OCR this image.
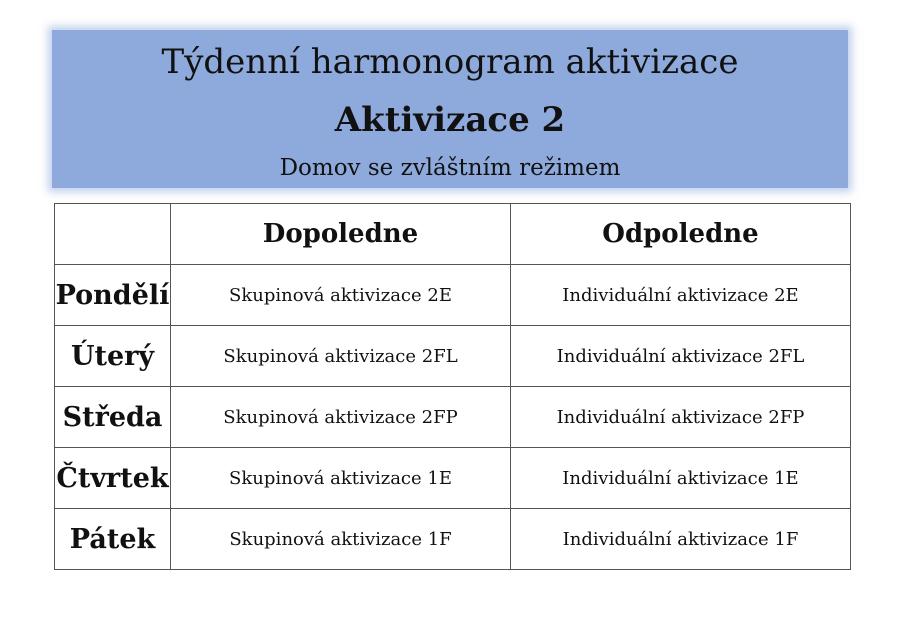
Týdenní harmonogram aktivizace
Aktivizace 2

Domov se zvláštním režimem

	Dopoledne	Odpoledne
Pondělí	Skupinová aktivizace 2E	Individuální aktivizace 2E
Úterý	Skupinová aktivizace 2FL	Individuální aktivizace 2FL
Středa	Skupinová aktivizace 2FP	Individuální aktivizace 2FP
Čtvrtek	Skupinová aktivizace 1E	Individuální aktivizace 1E
Pátek	Skupinová aktivizace 1F	Individuální aktivizace 1F
